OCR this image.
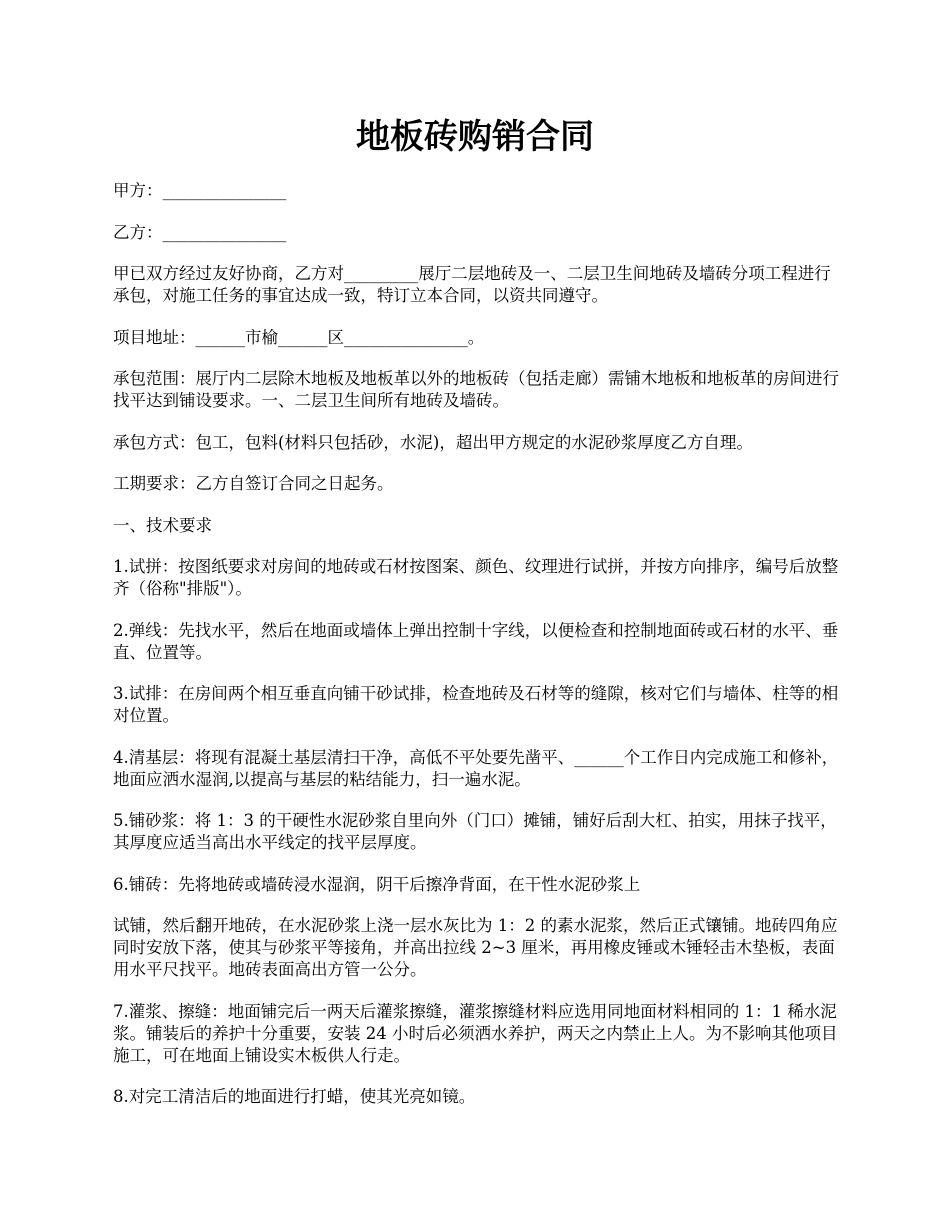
地板砖购销合同

甲方：_______________

乙方：_______________

甲已双方经过友好协商，乙方对_________展厅二层地砖及一、二层卫生间地砖及墙砖分项工程进行承包，对施工任务的事宜达成一致，特订立本合同，以资共同遵守。

项目地址：______市榆______区_______________。

承包范围：展厅内二层除木地板及地板革以外的地板砖（包括走廊）需铺木地板和地板革的房间进行找平达到铺设要求。一、二层卫生间所有地砖及墙砖。

承包方式：包工，包料(材料只包括砂，水泥)，超出甲方规定的水泥砂浆厚度乙方自理。

工期要求：乙方自签订合同之日起务。

一、技术要求

1.试拼：按图纸要求对房间的地砖或石材按图案、颜色、纹理进行试拼，并按方向排序，编号后放整齐（俗称"排版"）。

2.弹线：先找水平，然后在地面或墙体上弹出控制十字线，以便检查和控制地面砖或石材的水平、垂直、位置等。

3.试排：在房间两个相互垂直向铺干砂试排，检查地砖及石材等的缝隙，核对它们与墙体、柱等的相对位置。

4.清基层：将现有混凝土基层清扫干净，高低不平处要先凿平、______个工作日内完成施工和修补，地面应洒水湿润,以提高与基层的粘结能力，扫一遍水泥。

5.铺砂浆：将 1：3 的干硬性水泥砂浆自里向外（门口）摊铺，铺好后刮大杠、拍实，用抹子找平，其厚度应适当高出水平线定的找平层厚度。

6.铺砖：先将地砖或墙砖浸水湿润，阴干后擦净背面，在干性水泥砂浆上

试铺，然后翻开地砖，在水泥砂浆上浇一层水灰比为 1：2 的素水泥浆，然后正式镶铺。地砖四角应同时安放下落，使其与砂浆平等接角，并高出拉线 2~3 厘米，再用橡皮锤或木锤轻击木垫板，表面用水平尺找平。地砖表面高出方管一公分。

7.灌浆、擦缝：地面铺完后一两天后灌浆擦缝，灌浆擦缝材料应选用同地面材料相同的 1：1 稀水泥浆。铺装后的养护十分重要，安装 24 小时后必须洒水养护，两天之内禁止上人。为不影响其他项目施工，可在地面上铺设实木板供人行走。

8.对完工清洁后的地面进行打蜡，使其光亮如镜。
